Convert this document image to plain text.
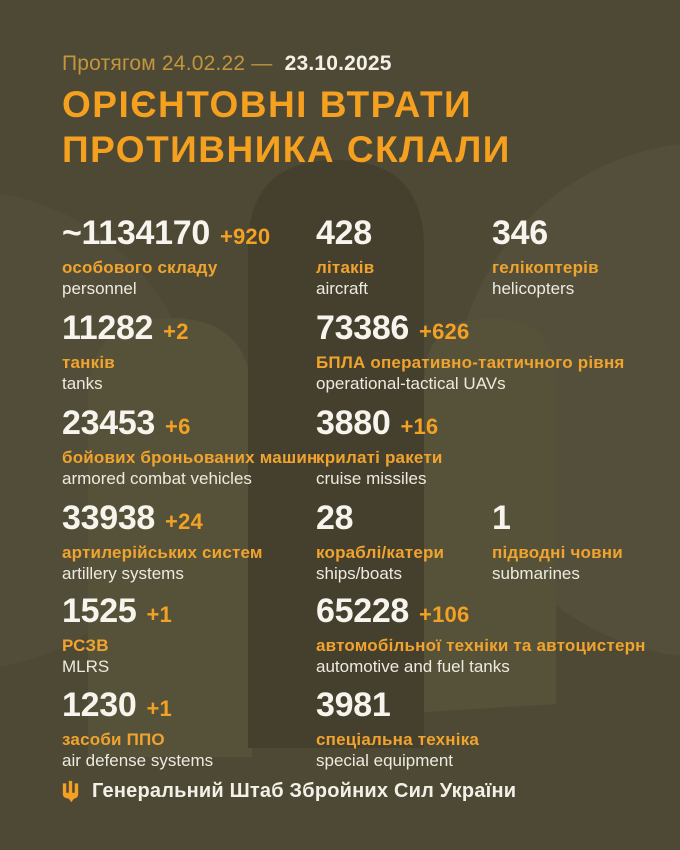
Протягом 24.02.22 — 23.10.2025
ОРІЄНТОВНІ ВТРАТИ
ПРОТИВНИКА СКЛАЛИ
~1134170 +920
особового складу
personnel
428
літаків
aircraft
346
гелікоптерів
helicopters
11282 +2
танків
tanks
73386 +626
БПЛА оперативно-тактичного рівня
operational-tactical UAVs
23453 +6
бойових броньованих машин
armored combat vehicles
3880 +16
крилаті ракети
cruise missiles
33938 +24
артилерійських систем
artillery systems
28
кораблі/катери
ships/boats
1
підводні човни
submarines
1525 +1
РСЗВ
MLRS
65228 +106
автомобільної техніки та автоцистерн
automotive and fuel tanks
1230 +1
засоби ППО
air defense systems
3981
спеціальна техніка
special equipment
Генеральний Штаб Збройних Сил України
